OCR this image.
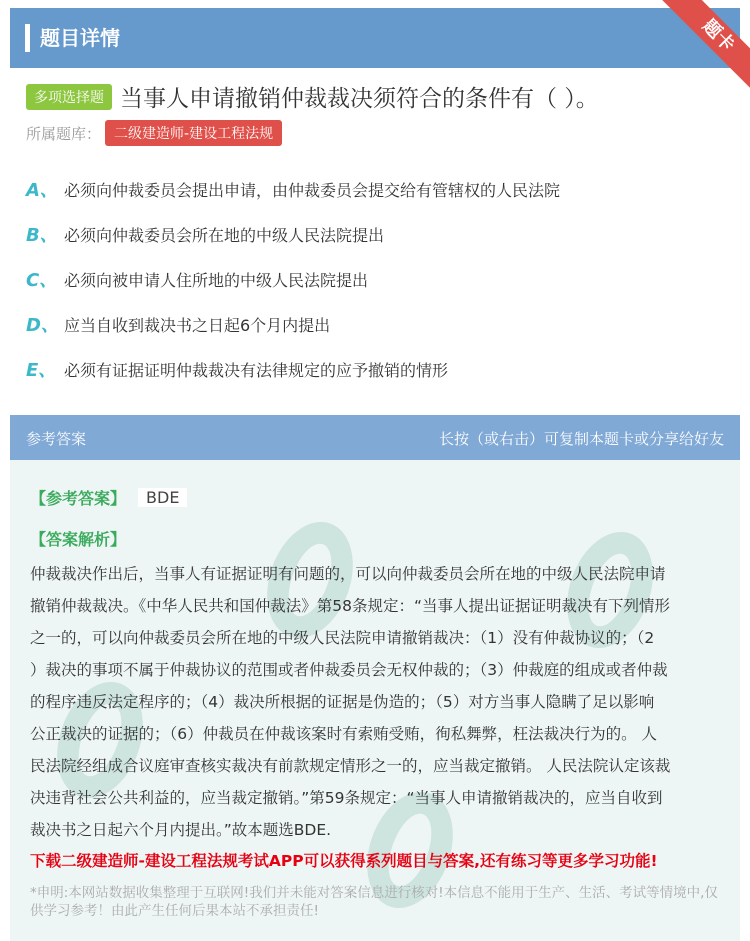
题目详情	题卡
多项选择题 当事人申请撤销仲裁裁决须符合的条件有（ ）。
所属题库： 二级建造师-建设工程法规
A、 必须向仲裁委员会提出申请，由仲裁委员会提交给有管辖权的人民法院
B、 必须向仲裁委员会所在地的中级人民法院提出
C、 必须向被申请人住所地的中级人民法院提出
D、 应当自收到裁决书之日起6个月内提出
E、 必须有证据证明仲裁裁决有法律规定的应予撤销的情形
参考答案	长按（或右击）可复制本题卡或分享给好友
【参考答案】	BDE
【答案解析】
仲裁裁决作出后，当事人有证据证明有问题的，可以向仲裁委员会所在地的中级人民法院申请
撤销仲裁裁决。《中华人民共和国仲裁法》第58条规定：“当事人提出证据证明裁决有下列情形
之一的，可以向仲裁委员会所在地的中级人民法院申请撤销裁决：（1）没有仲裁协议的；（2
）裁决的事项不属于仲裁协议的范围或者仲裁委员会无权仲裁的；（3）仲裁庭的组成或者仲裁
的程序违反法定程序的；（4）裁决所根据的证据是伪造的；（5）对方当事人隐瞒了足以影响
公正裁决的证据的；（6）仲裁员在仲裁该案时有索贿受贿，徇私舞弊，枉法裁决行为的。 人
民法院经组成合议庭审查核实裁决有前款规定情形之一的，应当裁定撤销。 人民法院认定该裁
决违背社会公共利益的，应当裁定撤销。”第59条规定：“当事人申请撤销裁决的，应当自收到
裁决书之日起六个月内提出。”故本题选BDE.
下载二级建造师-建设工程法规考试APP可以获得系列题目与答案,还有练习等更多学习功能!
*申明:本网站数据收集整理于互联网!我们并未能对答案信息进行核对!本信息不能用于生产、生活、考试等情境中,仅供学习参考！由此产生任何后果本站不承担责任!
